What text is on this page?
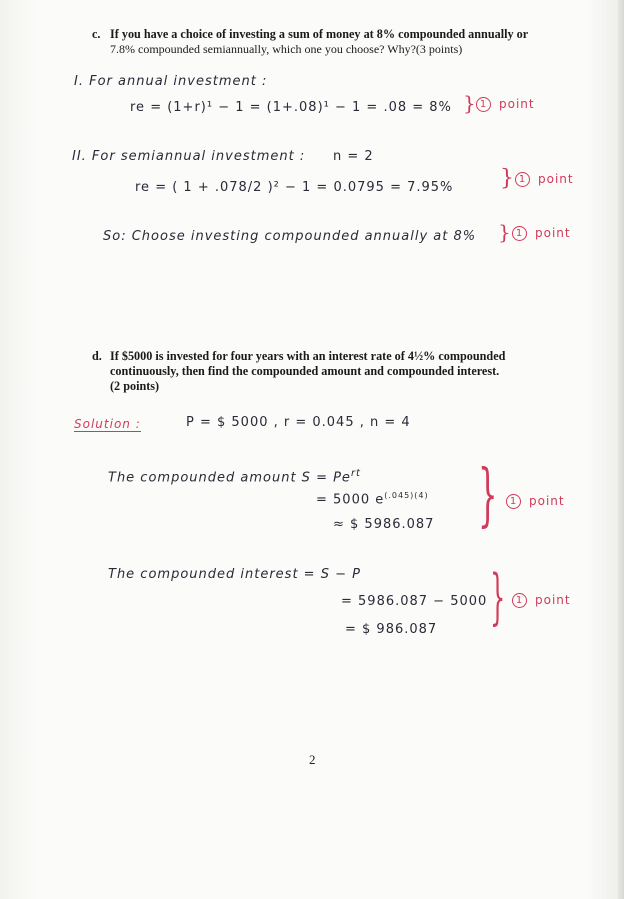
c. If you have a choice of investing a sum of money at 8% compounded annually or
7.8% compounded semiannually, which one you choose? Why?(3 points)
I. For annual investment :
re = (1+r)¹ − 1 = (1+.08)¹ − 1 = .08 = 8% } 1 point
II. For semiannual investment : n = 2
re = ( 1 + .078/2 )² − 1 = 0.0795 = 7.95% } 1 point
So: Choose investing compounded annually at 8% } 1 point
d. If $5000 is invested for four years with an interest rate of 4½% compounded
continuously, then find the compounded amount and compounded interest.
(2 points)
Solution :	P = $ 5000 , r = 0.045 , n = 4
The compounded amount $S = Pe^{rt}$
= 5000 $e^{(.045)(4)}$
≈ $ 5986.087 }	1 point
The compounded interest = S − P
= 5986.087 − 5000
= $ 986.087 }	1 point
2
